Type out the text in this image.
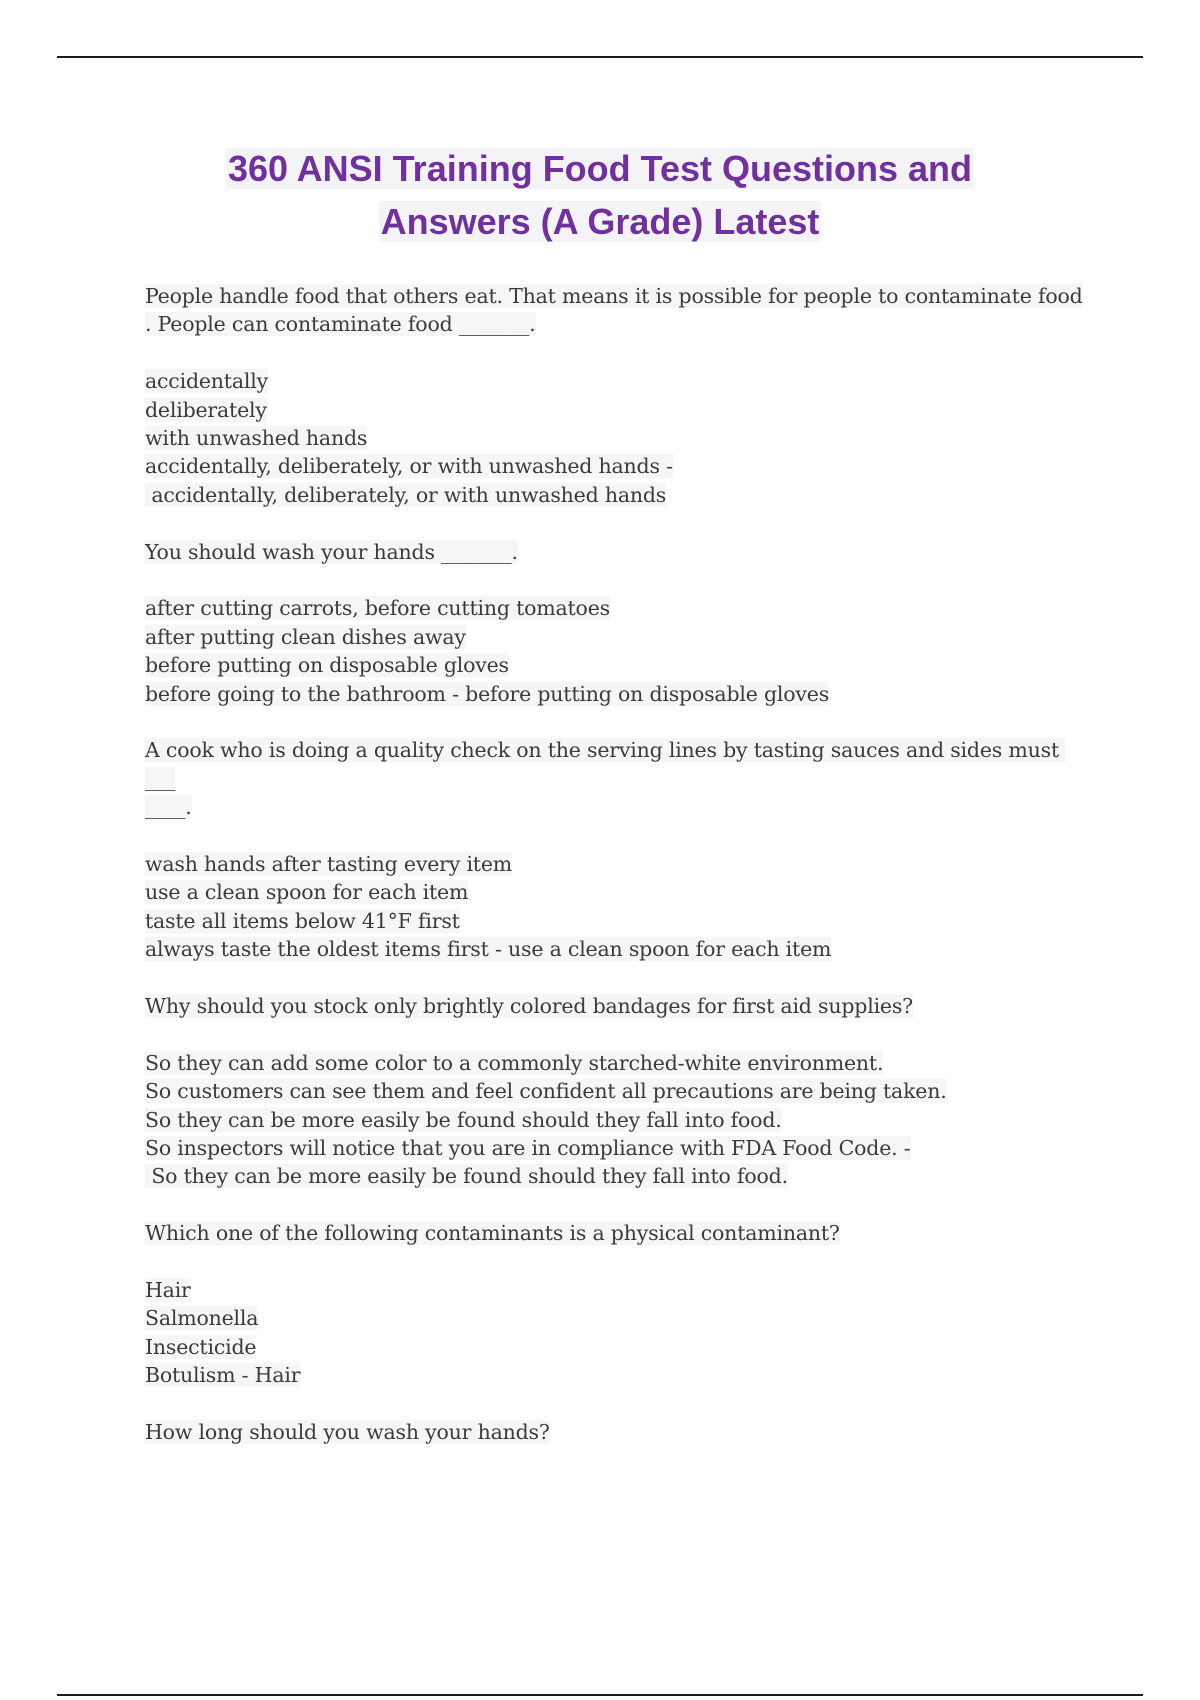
360 ANSI Training Food Test Questions and
Answers (A Grade) Latest
People handle food that others eat. That means it is possible for people to contaminate food
. People can contaminate food _______.
accidentally
deliberately
with unwashed hands
accidentally, deliberately, or with unwashed hands -
accidentally, deliberately, or with unwashed hands
You should wash your hands _______.
after cutting carrots, before cutting tomatoes
after putting clean dishes away
before putting on disposable gloves
before going to the bathroom - before putting on disposable gloves
A cook who is doing a quality check on the serving lines by tasting sauces and sides must ___
____.
wash hands after tasting every item
use a clean spoon for each item
taste all items below 41°F first
always taste the oldest items first - use a clean spoon for each item
Why should you stock only brightly colored bandages for first aid supplies?
So they can add some color to a commonly starched-white environment.
So customers can see them and feel confident all precautions are being taken.
So they can be more easily be found should they fall into food.
So inspectors will notice that you are in compliance with FDA Food Code. -
So they can be more easily be found should they fall into food.
Which one of the following contaminants is a physical contaminant?
Hair
Salmonella
Insecticide
Botulism - Hair
How long should you wash your hands?
